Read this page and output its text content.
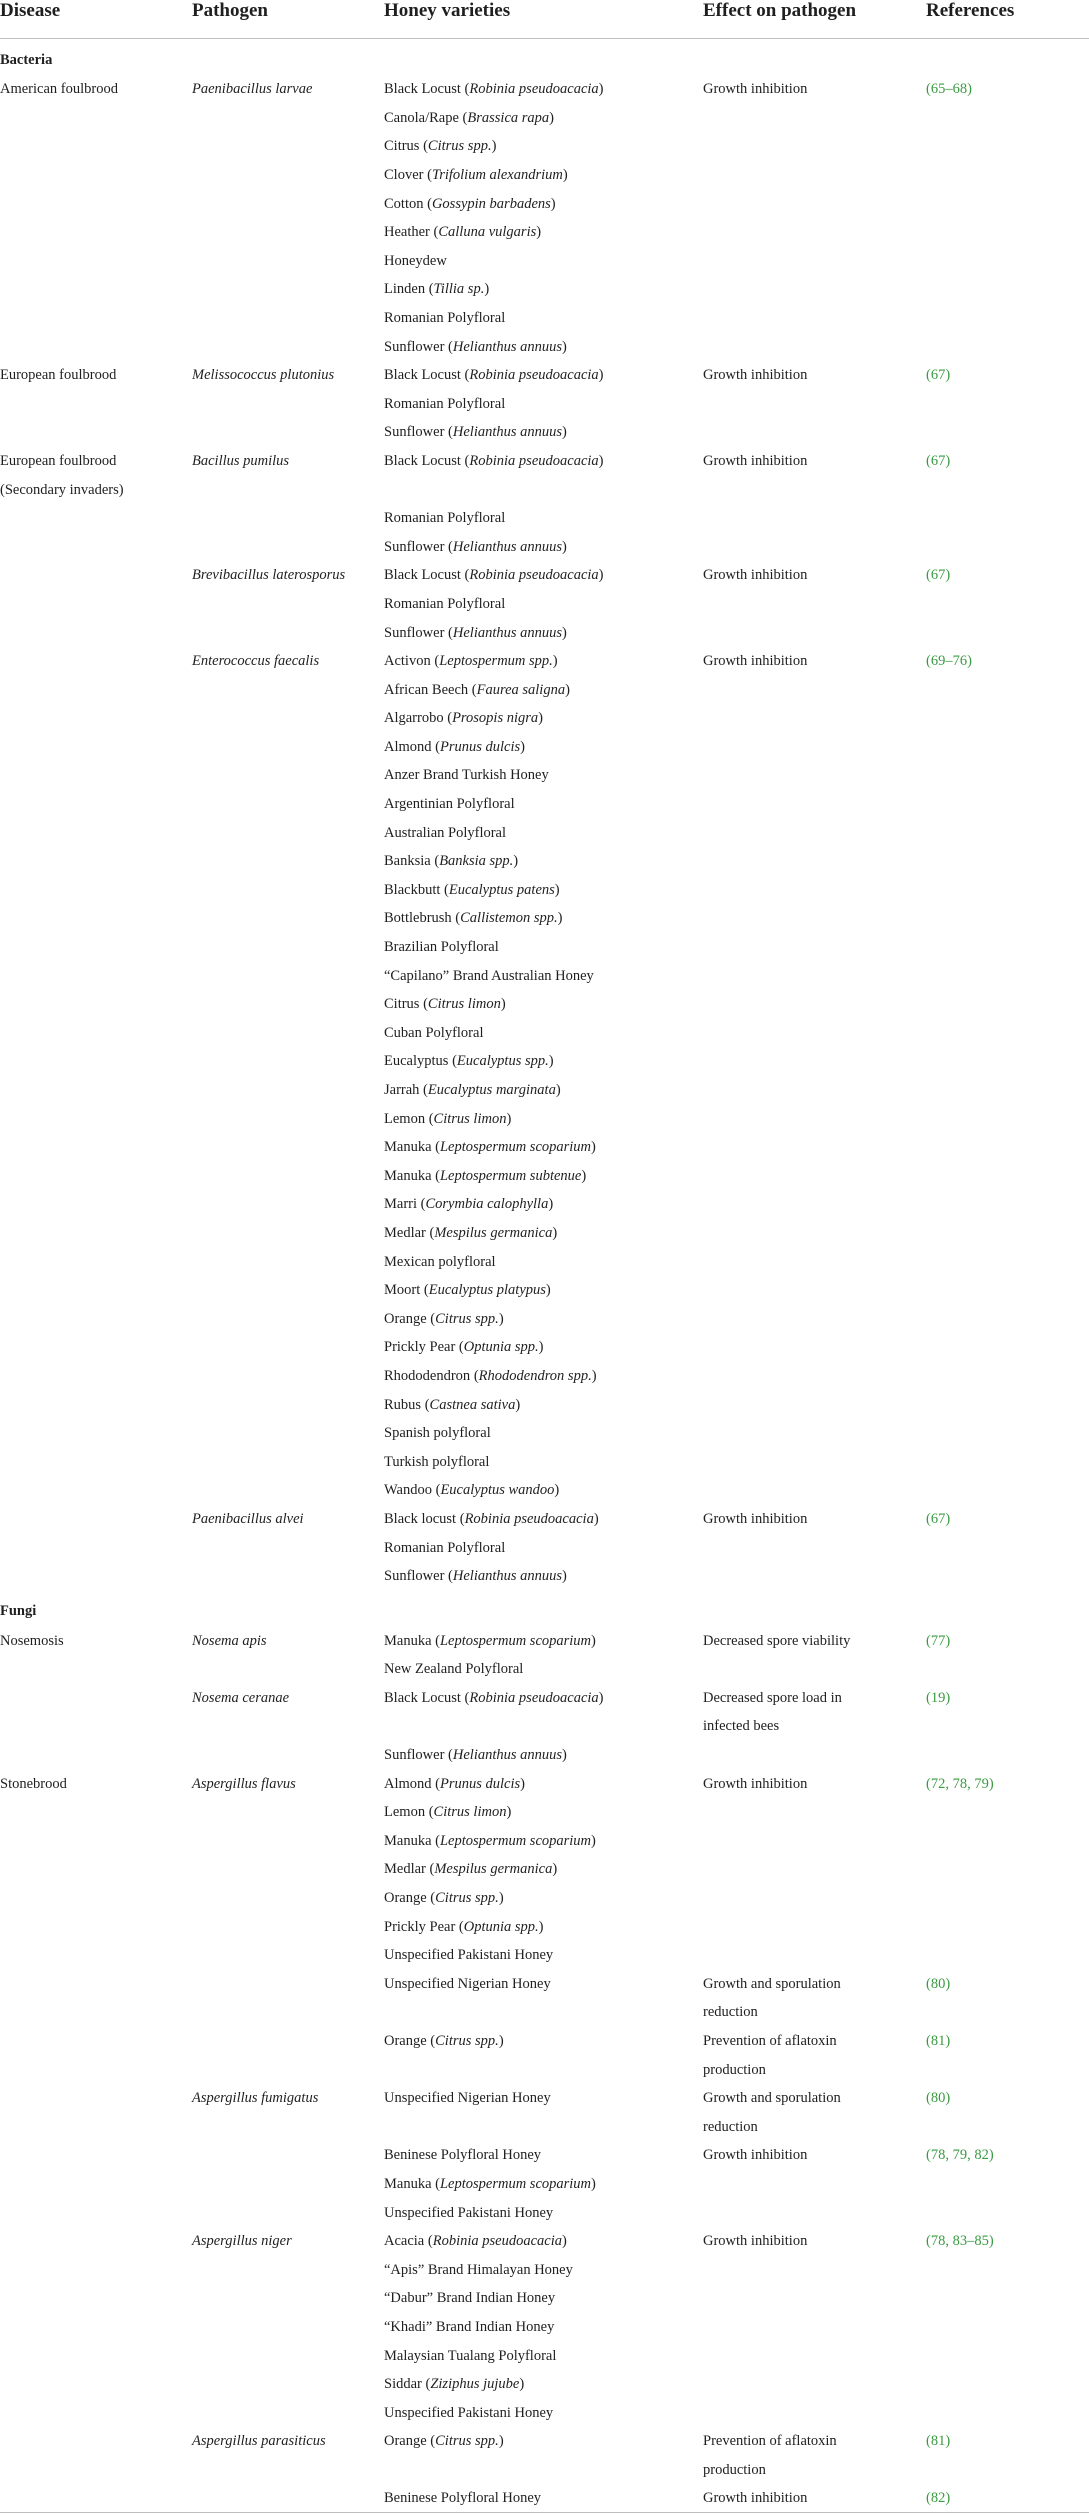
Disease	Pathogen	Honey varieties	Effect on pathogen	References
Bacteria				
American foulbrood	Paenibacillus larvae	Black Locust (Robinia pseudoacacia)	Growth inhibition	(65–68)
		Canola/Rape (Brassica rapa)		
		Citrus (Citrus spp.)		
		Clover (Trifolium alexandrium)		
		Cotton (Gossypin barbadens)		
		Heather (Calluna vulgaris)		
		Honeydew		
		Linden (Tillia sp.)		
		Romanian Polyfloral		
		Sunflower (Helianthus annuus)		
European foulbrood	Melissococcus plutonius	Black Locust (Robinia pseudoacacia)	Growth inhibition	(67)
		Romanian Polyfloral		
		Sunflower (Helianthus annuus)		
European foulbrood	Bacillus pumilus	Black Locust (Robinia pseudoacacia)	Growth inhibition	(67)
(Secondary invaders)				
		Romanian Polyfloral		
		Sunflower (Helianthus annuus)		
	Brevibacillus laterosporus	Black Locust (Robinia pseudoacacia)	Growth inhibition	(67)
		Romanian Polyfloral		
		Sunflower (Helianthus annuus)		
	Enterococcus faecalis	Activon (Leptospermum spp.)	Growth inhibition	(69–76)
		African Beech (Faurea saligna)		
		Algarrobo (Prosopis nigra)		
		Almond (Prunus dulcis)		
		Anzer Brand Turkish Honey		
		Argentinian Polyfloral		
		Australian Polyfloral		
		Banksia (Banksia spp.)		
		Blackbutt (Eucalyptus patens)		
		Bottlebrush (Callistemon spp.)		
		Brazilian Polyfloral		
		“Capilano” Brand Australian Honey		
		Citrus (Citrus limon)		
		Cuban Polyfloral		
		Eucalyptus (Eucalyptus spp.)		
		Jarrah (Eucalyptus marginata)		
		Lemon (Citrus limon)		
		Manuka (Leptospermum scoparium)		
		Manuka (Leptospermum subtenue)		
		Marri (Corymbia calophylla)		
		Medlar (Mespilus germanica)		
		Mexican polyfloral		
		Moort (Eucalyptus platypus)		
		Orange (Citrus spp.)		
		Prickly Pear (Optunia spp.)		
		Rhododendron (Rhododendron spp.)		
		Rubus (Castnea sativa)		
		Spanish polyfloral		
		Turkish polyfloral		
		Wandoo (Eucalyptus wandoo)		
	Paenibacillus alvei	Black locust (Robinia pseudoacacia)	Growth inhibition	(67)
		Romanian Polyfloral		
		Sunflower (Helianthus annuus)		
Fungi				
Nosemosis	Nosema apis	Manuka (Leptospermum scoparium)	Decreased spore viability	(77)
		New Zealand Polyfloral		
	Nosema ceranae	Black Locust (Robinia pseudoacacia)	Decreased spore load in	(19)
			infected bees	
		Sunflower (Helianthus annuus)		
Stonebrood	Aspergillus flavus	Almond (Prunus dulcis)	Growth inhibition	(72, 78, 79)
		Lemon (Citrus limon)		
		Manuka (Leptospermum scoparium)		
		Medlar (Mespilus germanica)		
		Orange (Citrus spp.)		
		Prickly Pear (Optunia spp.)		
		Unspecified Pakistani Honey		
		Unspecified Nigerian Honey	Growth and sporulation	(80)
			reduction	
		Orange (Citrus spp.)	Prevention of aflatoxin	(81)
			production	
	Aspergillus fumigatus	Unspecified Nigerian Honey	Growth and sporulation	(80)
			reduction	
		Beninese Polyfloral Honey	Growth inhibition	(78, 79, 82)
		Manuka (Leptospermum scoparium)		
		Unspecified Pakistani Honey		
	Aspergillus niger	Acacia (Robinia pseudoacacia)	Growth inhibition	(78, 83–85)
		“Apis” Brand Himalayan Honey		
		“Dabur” Brand Indian Honey		
		“Khadi” Brand Indian Honey		
		Malaysian Tualang Polyfloral		
		Siddar (Ziziphus jujube)		
		Unspecified Pakistani Honey		
	Aspergillus parasiticus	Orange (Citrus spp.)	Prevention of aflatoxin	(81)
			production	
		Beninese Polyfloral Honey	Growth inhibition	(82)
